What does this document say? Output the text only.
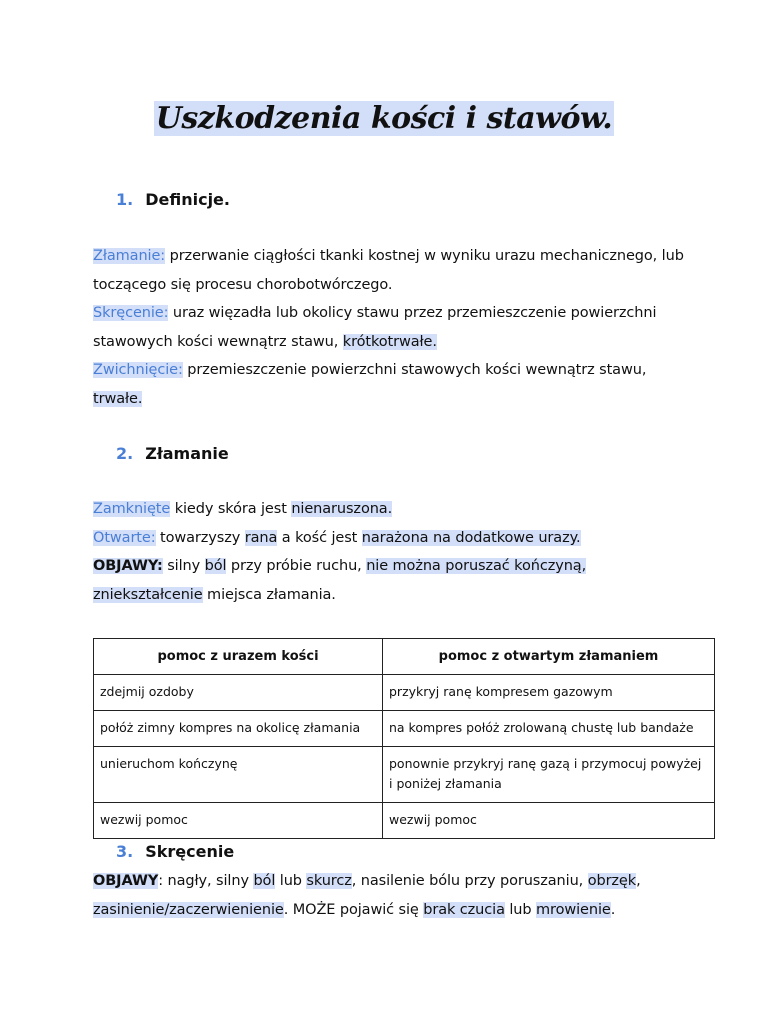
Uszkodzenia kości i stawów.
1. Definicje.
Złamanie: przerwanie ciągłości tkanki kostnej w wyniku urazu mechanicznego, lub toczącego się procesu chorobotwórczego.
Skręcenie: uraz więzadła lub okolicy stawu przez przemieszczenie powierzchni stawowych kości wewnątrz stawu, krótkotrwałe.
Zwichnięcie: przemieszczenie powierzchni stawowych kości wewnątrz stawu, trwałe.
2. Złamanie
Zamknięte kiedy skóra jest nienaruszona.
Otwarte: towarzyszy rana a kość jest narażona na dodatkowe urazy.
OBJAWY: silny ból przy próbie ruchu, nie można poruszać kończyną,
zniekształcenie miejsca złamania.
pomoc z urazem kości	pomoc z otwartym złamaniem
zdejmij ozdoby	przykryj ranę kompresem gazowym
połóż zimny kompres na okolicę złamania	na kompres połóż zrolowaną chustę lub bandaże
unieruchom kończynę	ponownie przykryj ranę gazą i przymocuj powyżej i poniżej złamania
wezwij pomoc	wezwij pomoc
3. Skręcenie
OBJAWY: nagły, silny ból lub skurcz, nasilenie bólu przy poruszaniu, obrzęk,
zasinienie/zaczerwienienie. MOŻE pojawić się brak czucia lub mrowienie.
